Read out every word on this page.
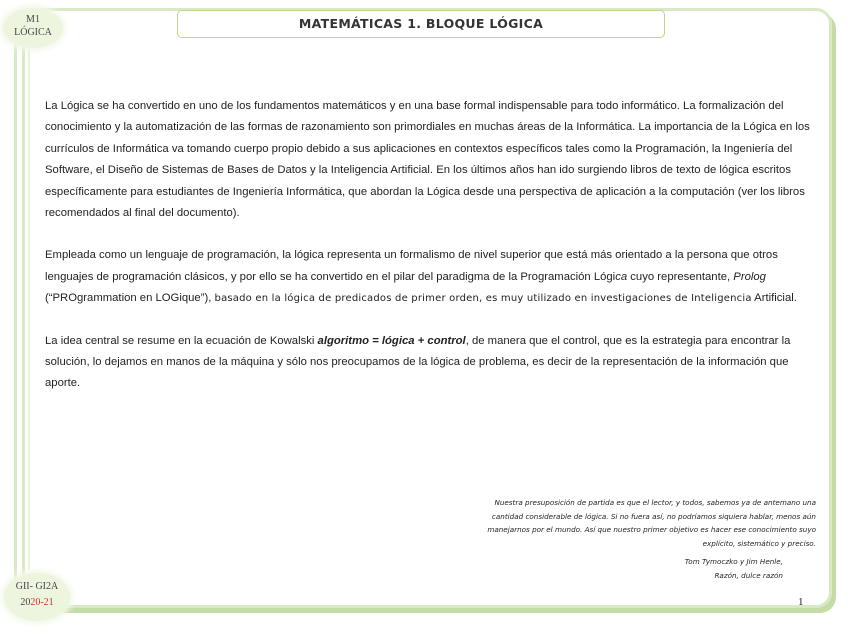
M1
LÓGICA
MATEMÁTICAS 1. BLOQUE LÓGICA

La Lógica se ha convertido en uno de los fundamentos matemáticos y en una base formal indispensable para todo informático. La formalización del conocimiento y la automatización de las formas de razonamiento son primordiales en muchas áreas de la Informática. La importancia de la Lógica en los currículos de Informática va tomando cuerpo propio debido a sus aplicaciones en contextos específicos tales como la Programación, la Ingeniería del Software, el Diseño de Sistemas de Bases de Datos y la Inteligencia Artificial. En los últimos años han ido surgiendo libros de texto de lógica escritos específicamente para estudiantes de Ingeniería Informática, que abordan la Lógica desde una perspectiva de aplicación a la computación (ver los libros recomendados al final del documento).

Empleada como un lenguaje de programación, la lógica representa un formalismo de nivel superior que está más orientado a la persona que otros lenguajes de programación clásicos, y por ello se ha convertido en el pilar del paradigma de la Programación Lógica cuyo representante, Prolog (“PROgrammation en LOGique”), basado en la lógica de predicados de primer orden, es muy utilizado en investigaciones de Inteligencia Artificial.

La idea central se resume en la ecuación de Kowalski algoritmo = lógica + control, de manera que el control, que es la estrategia para encontrar la solución, lo dejamos en manos de la máquina y sólo nos preocupamos de la lógica de problema, es decir de la representación de la información que aporte.

Nuestra presuposición de partida es que el lector, y todos, sabemos ya de antemano una
cantidad considerable de lógica. Si no fuera así, no podríamos siquiera hablar, menos aún
manejarnos por el mundo. Así que nuestro primer objetivo es hacer ese conocimiento suyo
explícito, sistemático y preciso.
Tom Tymoczko y Jim Henle,
Razón, dulce razón
GII- GI2A
2020-21	1
